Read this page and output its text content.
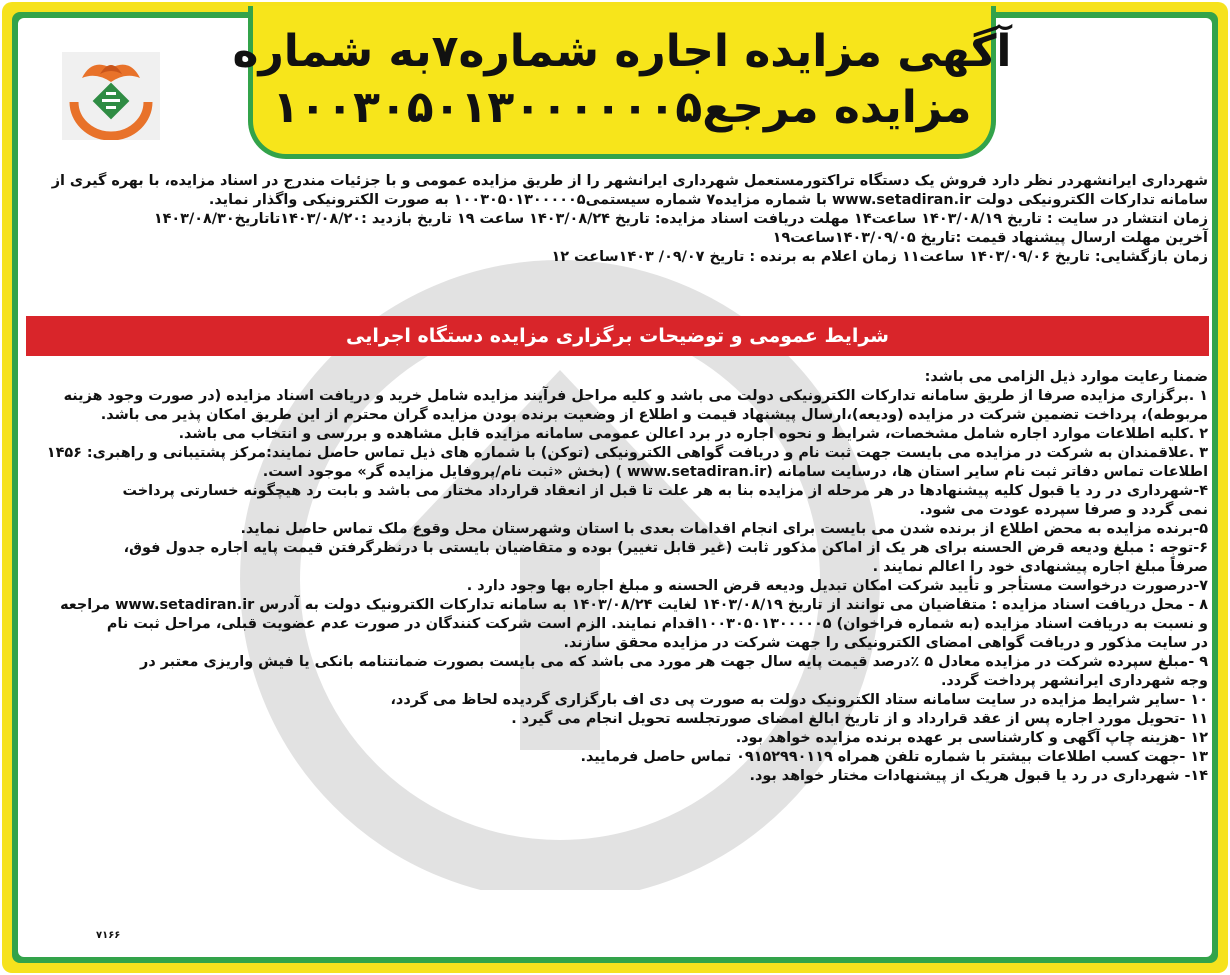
آگهی مزایده اجاره شماره۷به شماره
مزایده مرجع۱۰۰۳۰۵۰۱۳۰۰۰۰۰۰۵

شهرداری ایرانشهردر نظر دارد فروش یک دستگاه تراکتورمستعمل شهرداری ایرانشهر را از طریق مزایده عمومی و با جزئیات مندرج در اسناد مزایده، با بهره گیری از

سامانه تدارکات الکترونیکی دولت www.setadiran.ir با شماره مزایده۷ شماره سیستمی۱۰۰۳۰۵۰۱۳۰۰۰۰۰۵ به صورت الکترونیکی واگذار نماید.

زمان انتشار در سایت : تاریخ ۱۴۰۳/۰۸/۱۹ ساعت۱۴ مهلت دریافت اسناد مزایده: تاریخ ۱۴۰۳/۰۸/۲۴ ساعت ۱۹ تاریخ بازدید :۱۴۰۳/۰۸/۲۰تاتاریخ۱۴۰۳/۰۸/۳۰

آخرین مهلت ارسال پیشنهاد قیمت :تاریخ ۱۴۰۳/۰۹/۰۵ساعت۱۹

زمان بازگشایی: تاریخ ۱۴۰۳/۰۹/۰۶ ساعت۱۱ زمان اعلام به برنده : تاریخ ۰۹/۰۷/ ۱۴۰۳ساعت ۱۲

شرایط عمومی و توضیحات برگزاری مزایده دستگاه اجرایی

ضمنا رعایت موارد ذیل الزامی می باشد:

۱ .برگزاری مزایده صرفا از طریق سامانه تدارکات الکترونیکی دولت می باشد و کلیه مراحل فرآیند مزایده شامل خرید و دریافت اسناد مزایده (در صورت وجود هزینه

مربوطه)، پرداخت تضمین شرکت در مزایده (ودیعه)،ارسال پیشنهاد قیمت و اطلاع از وضعیت برنده بودن مزایده گران محترم از این طریق امکان پذیر می باشد.

۲ .کلیه اطلاعات موارد اجاره شامل مشخصات، شرایط و نحوه اجاره در برد اعالن عمومی سامانه مزایده قابل مشاهده و بررسی و انتخاب می باشد.

۳ .علاقمندان به شرکت در مزایده می بایست جهت ثبت نام و دریافت گواهی الکترونیکی (توکن) با شماره های ذیل تماس حاصل نمایند:مرکز پشتیبانی و راهبری: ۱۴۵۶

اطلاعات تماس دفاتر ثبت نام سایر استان ها، درسایت سامانه (www.setadiran.ir ) (بخش «ثبت نام/پروفایل مزایده گر» موجود است.

۴-شهرداری در رد یا قبول کلیه پیشنهادها در هر مرحله از مزایده بنا به هر علت تا قبل از انعقاد قرارداد مختار می باشد و بابت رد هیچگونه خسارتی پرداخت

نمی گردد و صرفا سپرده عودت می شود.

۵-برنده مزایده به محض اطلاع از برنده شدن می بایست برای انجام اقدامات بعدی با استان وشهرستان محل وقوع ملک تماس حاصل نماید.

۶-توجه : مبلغ ودیعه قرض الحسنه برای هر یک از اماکن مذکور ثابت (غیر قابل تغییر) بوده و متقاضیان بایستی با درنظرگرفتن قیمت پایه اجاره جدول فوق،

صرفاً مبلغ اجاره پیشنهادی خود را اعالم نمایند .

۷-درصورت درخواست مستأجر و تأیید شرکت امکان تبدیل ودیعه قرض الحسنه و مبلغ اجاره بها وجود دارد .

۸ - محل دریافت اسناد مزایده : متقاضیان می توانند از تاریخ ۱۴۰۳/۰۸/۱۹ لغایت ۱۴۰۳/۰۸/۲۴ به سامانه تدارکات الکترونیک دولت به آدرس www.setadiran.ir مراجعه

و نسبت به دریافت اسناد مزایده (به شماره فراخوان) ۱۰۰۳۰۵۰۱۳۰۰۰۰۰۵اقدام نمایند. الزم است شرکت کنندگان در صورت عدم عضویت قبلی، مراحل ثبت نام

در سایت مذکور و دریافت گواهی امضای الکترونیکی را جهت شرکت در مزایده محقق سازند.

۹ -مبلغ سپرده شرکت در مزایده معادل ۵ ٪درصد قیمت پایه سال جهت هر مورد می باشد که می بایست بصورت ضمانتنامه بانکی یا فیش واریزی معتبر در

وجه شهرداری ایرانشهر پرداخت گردد.

۱۰ -سایر شرایط مزایده در سایت سامانه ستاد الکترونیک دولت به صورت پی دی اف بارگزاری گردیده لحاظ می گردد،

۱۱ -تحویل مورد اجاره پس از عقد قرارداد و از تاریخ ابالغ امضای صورتجلسه تحویل انجام می گیرد .

۱۲ -هزینه چاپ آگهی و کارشناسی بر عهده برنده مزایده خواهد بود.

۱۳ -جهت کسب اطلاعات بیشتر با شماره تلفن همراه ۰۹۱۵۲۹۹۰۱۱۹ تماس حاصل فرمایید.

۱۴- شهرداری در رد یا قبول هریک از پیشنهادات مختار خواهد بود.

۷۱۶۶
